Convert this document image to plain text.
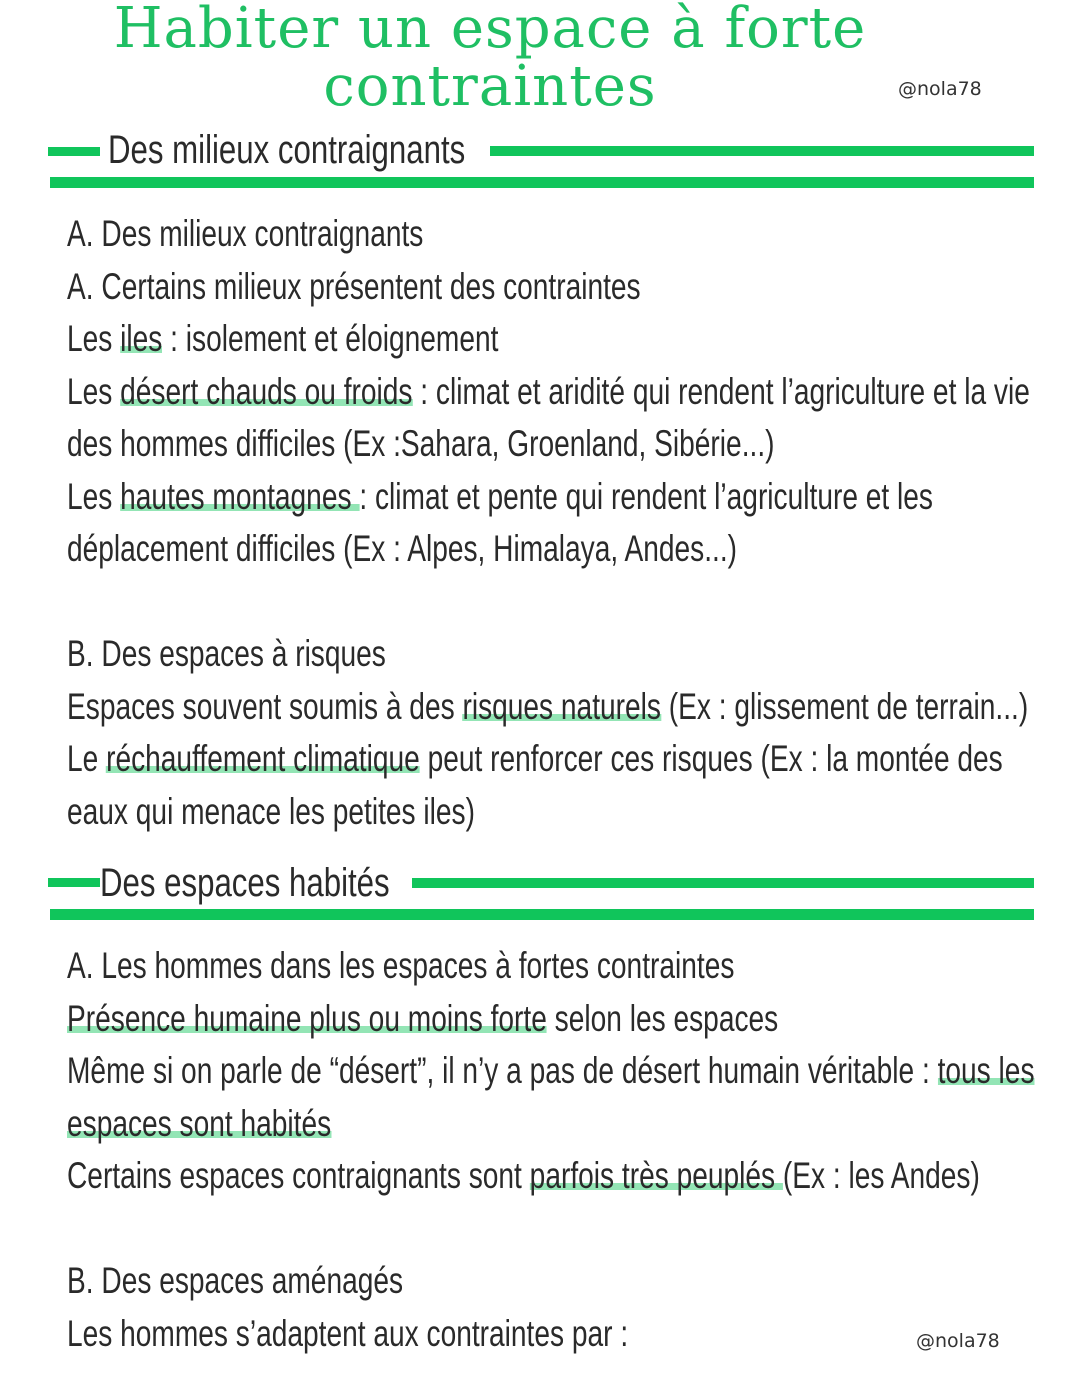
Habiter un espace à forte
contraintes	@nola78
Des milieux contraignants
A. Des milieux contraignants
A. Certains milieux présentent des contraintes
Les iles : isolement et éloignement
Les désert chauds ou froids : climat et aridité qui rendent l’agriculture et la vie
des hommes difficiles (Ex :Sahara, Groenland, Sibérie...)
Les hautes montagnes : climat et pente qui rendent l’agriculture et les
déplacement difficiles (Ex : Alpes, Himalaya, Andes...)
B. Des espaces à risques
Espaces souvent soumis à des risques naturels (Ex : glissement de terrain...)
Le réchauffement climatique peut renforcer ces risques (Ex : la montée des
eaux qui menace les petites iles)
Des espaces habités
A. Les hommes dans les espaces à fortes contraintes
Présence humaine plus ou moins forte selon les espaces
Même si on parle de “désert”, il n’y a pas de désert humain véritable : tous les
espaces sont habités
Certains espaces contraignants sont parfois très peuplés (Ex : les Andes)
B. Des espaces aménagés
Les hommes s’adaptent aux contraintes par :	@nola78
